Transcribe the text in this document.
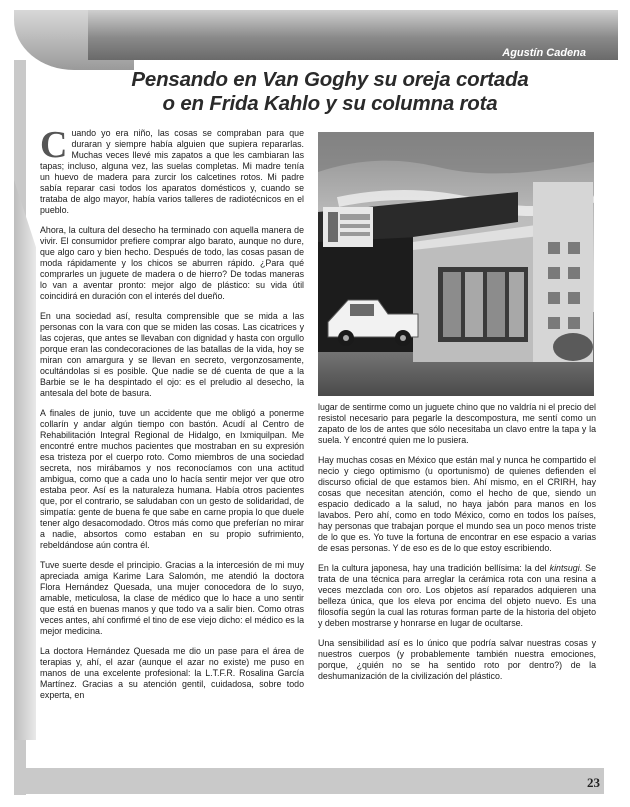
Agustín Cadena
Pensando en Van Goghy su oreja cortada
o en Frida Kahlo y su columna rota

Cuando yo era niño, las cosas se compraban para que duraran y siempre había alguien que supiera repararlas. Muchas veces llevé mis zapatos a que les cambiaran las tapas; incluso, alguna vez, las suelas completas. Mi madre tenía un huevo de madera para zurcir los calcetines rotos. Mi padre sabía reparar casi todos los aparatos domésticos y, cuando se trataba de algo mayor, había varios talleres de radiotécnicos en el pueblo.

Ahora, la cultura del desecho ha terminado con aquella manera de vivir. El consumidor prefiere comprar algo barato, aunque no dure, que algo caro y bien hecho. Después de todo, las cosas pasan de moda rápidamente y los chicos se aburren rápido. ¿Para qué comprarles un juguete de madera o de hierro? De todas maneras lo van a aventar pronto: mejor algo de plástico: su vida útil coincidirá en duración con el interés del dueño.

En una sociedad así, resulta comprensible que se mida a las personas con la vara con que se miden las cosas. Las cicatrices y las cojeras, que antes se llevaban con dignidad y hasta con orgullo porque eran las condecoraciones de las batallas de la vida, hoy se miran con amargura y se llevan en secreto, vergonzosamente, ocultándolas si es posible. Que nadie se dé cuenta de que a la Barbie se le ha despintado el ojo: es el preludio al desecho, la antesala del bote de basura.

A finales de junio, tuve un accidente que me obligó a ponerme collarín y andar algún tiempo con bastón. Acudí al Centro de Rehabilitación Integral Regional de Hidalgo, en Ixmiquilpan. Me encontré entre muchos pacientes que mostraban en su expresión esa tristeza por el cuerpo roto. Como miembros de una sociedad secreta, nos mirábamos y nos reconocíamos con una actitud ambigua, como que a cada uno lo hacía sentir mejor ver que otro estaba peor. Así es la naturaleza humana. Había otros pacientes que, por el contrario, se saludaban con un gesto de solidaridad, de simpatía: gente de buena fe que sabe en carne propia lo que duele tener algo desacomodado. Otros más como que preferían no mirar a nadie, absortos como estaban en su propio sufrimiento, rebeldándose aún contra él.

Tuve suerte desde el principio. Gracias a la intercesión de mi muy apreciada amiga Karime Lara Salomón, me atendió la doctora Flora Hernández Quesada, una mujer conocedora de lo suyo, amable, meticulosa, la clase de médico que lo hace a uno sentir que está en buenas manos y que todo va a salir bien. Como otras veces antes, ahí confirmé el tino de ese viejo dicho: el médico es la mejor medicina.

La doctora Hernández Quesada me dio un pase para el área de terapias y, ahí, el azar (aunque el azar no existe) me puso en manos de una excelente profesional: la L.T.F.R. Rosalina García Martínez. Gracias a su atención gentil, cuidadosa, sobre todo experta, en

lugar de sentirme como un juguete chino que no valdría ni el precio del resistol necesario para pegarle la descompostura, me sentí como un zapato de los de antes que sólo necesitaba un clavo entre la tapa y la suela. Y encontré quien me lo pusiera.

Hay muchas cosas en México que están mal y nunca he compartido el necio y ciego optimismo (u oportunismo) de quienes defienden el discurso oficial de que estamos bien. Ahí mismo, en el CRIRH, hay cosas que necesitan atención, como el hecho de que, siendo un espacio dedicado a la salud, no haya jabón para manos en los lavabos. Pero ahí, como en todo México, como en todos los países, hay personas que trabajan porque el mundo sea un poco menos triste de lo que es. Yo tuve la fortuna de encontrar en ese espacio a varias de esas personas. Y de eso es de lo que estoy escribiendo.

En la cultura japonesa, hay una tradición bellísima: la del kintsugi. Se trata de una técnica para arreglar la cerámica rota con una resina a veces mezclada con oro. Los objetos así reparados adquieren una belleza única, que los eleva por encima del objeto nuevo. Es una filosofía según la cual las roturas forman parte de la historia del objeto y deben mostrarse y honrarse en lugar de ocultarse.

Una sensibilidad así es lo único que podría salvar nuestras cosas y nuestros cuerpos (y probablemente también nuestra emociones, porque, ¿quién no se ha sentido roto por dentro?) de la deshumanización de la civilización del plástico.

23
